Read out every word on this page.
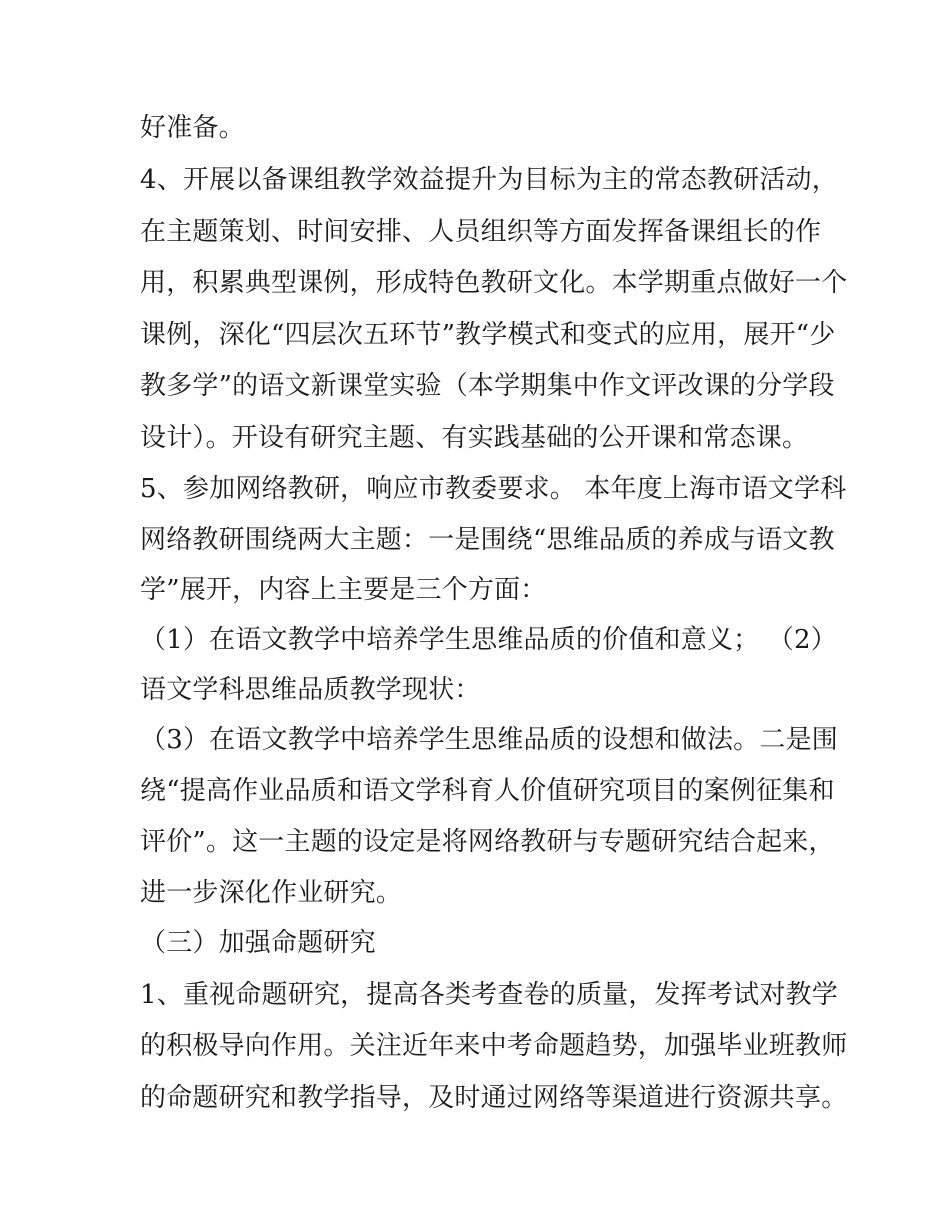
好准备。
4、开展以备课组教学效益提升为目标为主的常态教研活动，
在主题策划、时间安排、人员组织等方面发挥备课组长的作
用，积累典型课例，形成特色教研文化。本学期重点做好一个
课例，深化“四层次五环节”教学模式和变式的应用，展开“少
教多学”的语文新课堂实验（本学期集中作文评改课的分学段
设计）。开设有研究主题、有实践基础的公开课和常态课。
5、参加网络教研，响应市教委要求。 本年度上海市语文学科
网络教研围绕两大主题：一是围绕“思维品质的养成与语文教
学”展开，内容上主要是三个方面：
（1）在语文教学中培养学生思维品质的价值和意义； （2）
语文学科思维品质教学现状：
（3）在语文教学中培养学生思维品质的设想和做法。二是围
绕“提高作业品质和语文学科育人价值研究项目的案例征集和
评价”。这一主题的设定是将网络教研与专题研究结合起来，
进一步深化作业研究。
（三）加强命题研究
1、重视命题研究，提高各类考查卷的质量，发挥考试对教学
的积极导向作用。关注近年来中考命题趋势，加强毕业班教师
的命题研究和教学指导，及时通过网络等渠道进行资源共享。
